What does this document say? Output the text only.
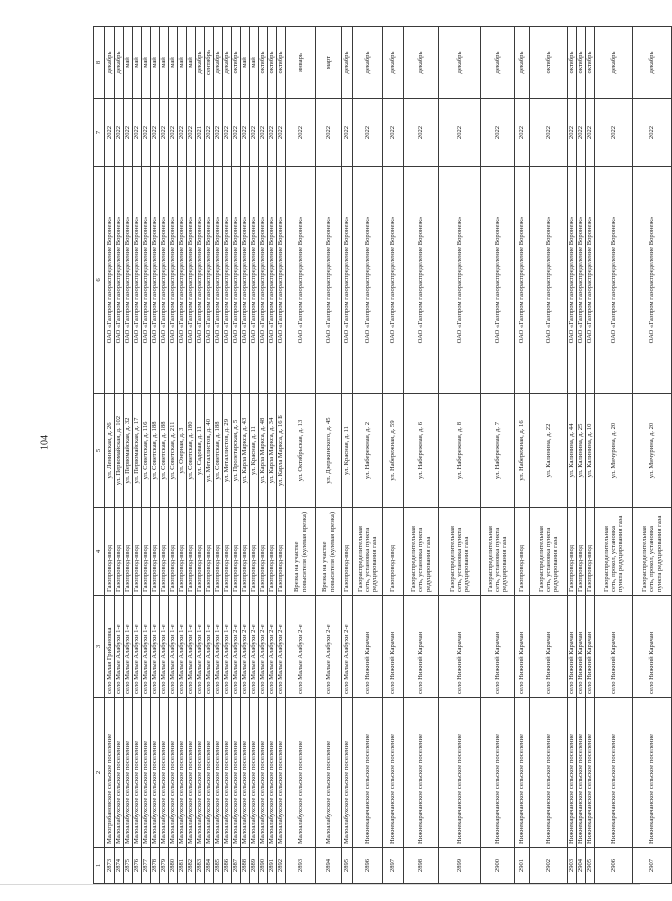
104
1	2	3	4	5	6	7	8
2873	Малогрибановское сельское поселение	село Малая Грибановка	Газопровод-ввод	ул. Ленинская, д. 26	ОАО «Газпром газораспределение Воронеж»	2022	декабрь
2874	Малоалабухское сельское поселение	село Малые Алабухи 1-е	Газопровод-ввод	ул. Первомайская, д. 102	ОАО «Газпром газораспределение Воронеж»	2022	декабрь
2875	Малоалабухское сельское поселение	село Малые Алабухи 1-е	Газопровод-ввод	ул. Первомайская, д. 32	ОАО «Газпром газораспределение Воронеж»	2022	май
2876	Малоалабухское сельское поселение	село Малые Алабухи 1-е	Газопровод-ввод	ул. Первомайская, д. 17	ОАО «Газпром газораспределение Воронеж»	2022	май
2877	Малоалабухское сельское поселение	село Малые Алабухи 1-е	Газопровод-ввод	ул. Советская, д. 116	ОАО «Газпром газораспределение Воронеж»	2022	май
2878	Малоалабухское сельское поселение	село Малые Алабухи 1-е	Газопровод-ввод	ул. Советская, д. 188	ОАО «Газпром газораспределение Воронеж»	2022	май
2879	Малоалабухское сельское поселение	село Малые Алабухи 1-е	Газопровод-ввод	ул. Советская, д. 188	ОАО «Газпром газораспределение Воронеж»	2022	май
2880	Малоалабухское сельское поселение	село Малые Алабухи 1-е	Газопровод-ввод	ул. Советская, д. 211	ОАО «Газпром газораспределение Воронеж»	2022	май
2881	Малоалабухское сельское поселение	село Малые Алабухи 1-е	Газопровод-ввод	ул. Озерная, д. 3	ОАО «Газпром газораспределение Воронеж»	2022	май
2882	Малоалабухское сельское поселение	село Малые Алабухи 1-е	Газопровод-ввод	ул. Советская, д. 180	ОАО «Газпром газораспределение Воронеж»	2022	май
2883	Малоалабухское сельское поселение	село Малые Алабухи 1-е	Газопровод-ввод	ул. Садовая, д. 11	ОАО «Газпром газораспределение Воронеж»	2021	декабрь
2884	Малоалабухское сельское поселение	село Малые Алабухи 1-е	Газопровод-ввод	ул. Металлистов, д. 40	ОАО «Газпром газораспределение Воронеж»	2022	сентябрь
2885	Малоалабухское сельское поселение	село Малые Алабухи 1-е	Газопровод-ввод	ул. Советская, д. 188	ОАО «Газпром газораспределение Воронеж»	2022	декабрь
2886	Малоалабухское сельское поселение	село Малые Алабухи 1-е	Газопровод-ввод	ул. Металлистов, д. 29	ОАО «Газпром газораспределение Воронеж»	2022	декабрь
2887	Малоалабухское сельское поселение	село Малые Алабухи 2-е	Газопровод-ввод	ул. Пролетарская, д. 5	ОАО «Газпром газораспределение Воронеж»	2022	октябрь
2888	Малоалабухское сельское поселение	село Малые Алабухи 2-е	Газопровод-ввод	ул. Карла Маркса, д. 43	ОАО «Газпром газораспределение Воронеж»	2022	май
2889	Малоалабухское сельское поселение	село Малые Алабухи 2-е	Газопровод-ввод	ул. Красная, д. 11	ОАО «Газпром газораспределение Воронеж»	2022	май
2890	Малоалабухское сельское поселение	село Малые Алабухи 2-е	Газопровод-ввод	ул. Карла Маркса, д. 48	ОАО «Газпром газораспределение Воронеж»	2022	октябрь
2891	Малоалабухское сельское поселение	село Малые Алабухи 2-е	Газопровод-ввод	ул. Карла Маркса, д. 34	ОАО «Газпром газораспределение Воронеж»	2022	октябрь
2892	Малоалабухское сельское поселение	село Малые Алабухи 2-е	Газопровод-ввод	ул. Карла Маркса, д. 16 Б	ОАО «Газпром газораспределение Воронеж»	2022	октябрь
2893	Малоалабухское сельское поселение	село Малые Алабухи 2-е	Врезка на участке повысителя (кулевая врезка)	ул. Октябрьская, д. 13	ОАО «Газпром газораспределение Воронеж»	2022	январь
2894	Малоалабухское сельское поселение	село Малые Алабухи 2-е	Врезка на участке повысителя (кулевая врезка)	ул. Дзержинского, д. 45	ОАО «Газпром газораспределение Воронеж»	2022	март
2895	Малоалабухское сельское поселение	село Малые Алабухи 2-е	Газопровод-ввод	ул. Красная, д. 11	ОАО «Газпром газораспределение Воронеж»	2022	декабрь
2896	Нижнекарачанское сельское поселение	село Нижний Карачан	Газораспределительная сеть, установка пункта редуцирования газа	ул. Набережная, д. 2	ОАО «Газпром газораспределение Воронеж»	2022	декабрь
2897	Нижнекарачанское сельское поселение	село Нижний Карачан	Газопровод-ввод	ул. Набережная, д. 59	ОАО «Газпром газораспределение Воронеж»	2022	декабрь
2898	Нижнекарачанское сельское поселение	село Нижний Карачан	Газораспределительная сеть, установка пункта редуцирования газа	ул. Набережная, д. 6	ОАО «Газпром газораспределение Воронеж»	2022	декабрь
2899	Нижнекарачанское сельское поселение	село Нижний Карачан	Газораспределительная сеть, установка пункта редуцирования газа	ул. Набережная, д. 8	ОАО «Газпром газораспределение Воронеж»	2022	декабрь
2900	Нижнекарачанское сельское поселение	село Нижний Карачан	Газораспределительная сеть, установка пункта редуцирования газа	ул. Набережная, д. 7	ОАО «Газпром газораспределение Воронеж»	2022	декабрь
2901	Нижнекарачанское сельское поселение	село Нижний Карачан	Газопровод-ввод	ул. Набережная, д. 16	ОАО «Газпром газораспределение Воронеж»	2022	декабрь
2902	Нижнекарачанское сельское поселение	село Нижний Карачан	Газораспределительная сеть, установка пункта редуцирования газа	ул. Калинина, д. 22	ОАО «Газпром газораспределение Воронеж»	2022	октябрь
2903	Нижнекарачанское сельское поселение	село Нижний Карачан	Газопровод-ввод	ул. Калинина, д. 44	ОАО «Газпром газораспределение Воронеж»	2022	октябрь
2904	Нижнекарачанское сельское поселение	село Нижний Карачан	Газопровод-ввод	ул. Калинина, д. 25	ОАО «Газпром газораспределение Воронеж»	2022	октябрь
2905	Нижнекарачанское сельское поселение	село Нижний Карачан	Газопровод-ввод	ул. Калинина, д. 10	ОАО «Газпром газораспределение Воронеж»	2022	октябрь
2906	Нижнекарачанское сельское поселение	село Нижний Карачан	Газораспределительная сеть, прокол, установка пункта редуцирования газа	ул. Мичурина, д. 20	ОАО «Газпром газораспределение Воронеж»	2022	декабрь
2907	Нижнекарачанское сельское поселение	село Нижний Карачан	Газораспределительная сеть, прокол, установка пункта редуцирования газа	ул. Мичурина, д. 20	ОАО «Газпром газораспределение Воронеж»	2022	декабрь
